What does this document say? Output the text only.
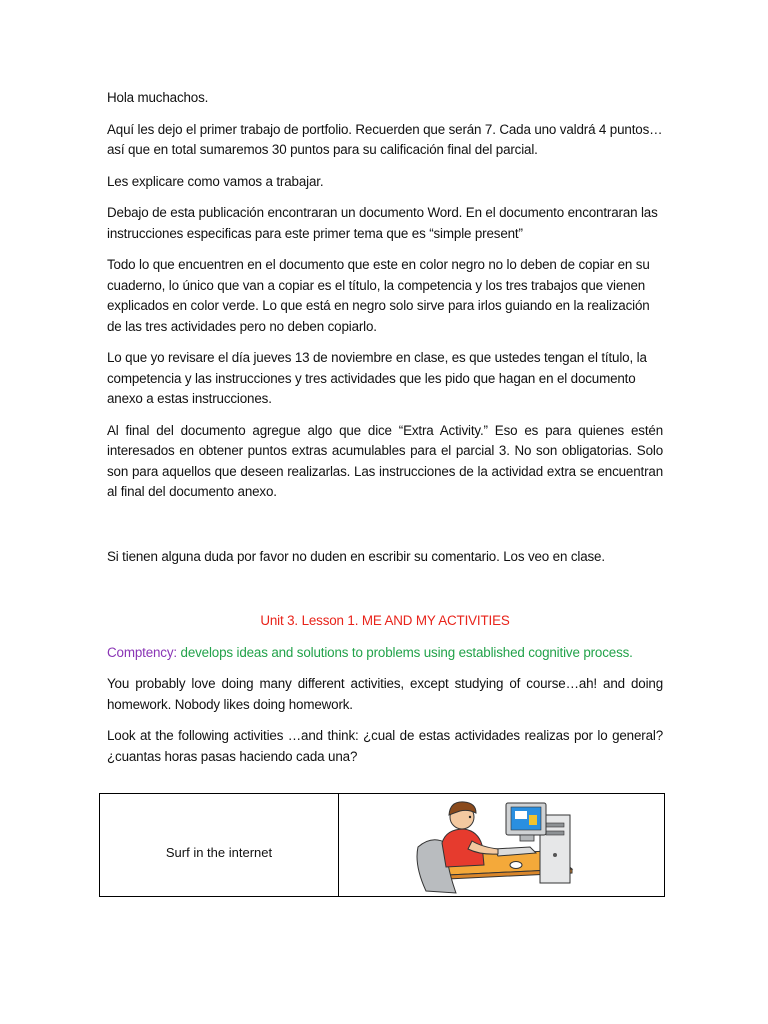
Hola muchachos.

Aquí les dejo el primer trabajo de portfolio. Recuerden que serán 7. Cada uno valdrá 4 puntos…así que en total sumaremos 30 puntos para su calificación final del parcial.

Les explicare como vamos a trabajar.

Debajo de esta publicación encontraran un documento Word. En el documento encontraran las instrucciones especificas para este primer tema que es “simple present”

Todo lo que encuentren en el documento que este en color negro no lo deben de copiar en su cuaderno, lo único que van a copiar es el título, la competencia y los tres trabajos que vienen explicados en color verde. Lo que está en negro solo sirve para irlos guiando en la realización de las tres actividades pero no deben copiarlo.

Lo que yo revisare el día jueves 13 de noviembre en clase, es que ustedes tengan el título, la competencia y las instrucciones y tres actividades que les pido que hagan en el documento anexo a estas instrucciones.

Al final del documento agregue algo que dice “Extra Activity.” Eso es para quienes estén interesados en obtener puntos extras acumulables para el parcial 3. No son obligatorias. Solo son para aquellos que deseen realizarlas. Las instrucciones de la actividad extra se encuentran al final del documento anexo.

Si tienen alguna duda por favor no duden en escribir su comentario. Los veo en clase.

Unit 3. Lesson 1. ME AND MY ACTIVITIES

Comptency: develops ideas and solutions to problems using established cognitive process.

You probably love doing many different activities, except studying of course…ah! and doing homework. Nobody likes doing homework.

Look at the following activities …and think: ¿cual de estas actividades realizas por lo general? ¿cuantas horas pasas haciendo cada una?

Surf in the internet	
